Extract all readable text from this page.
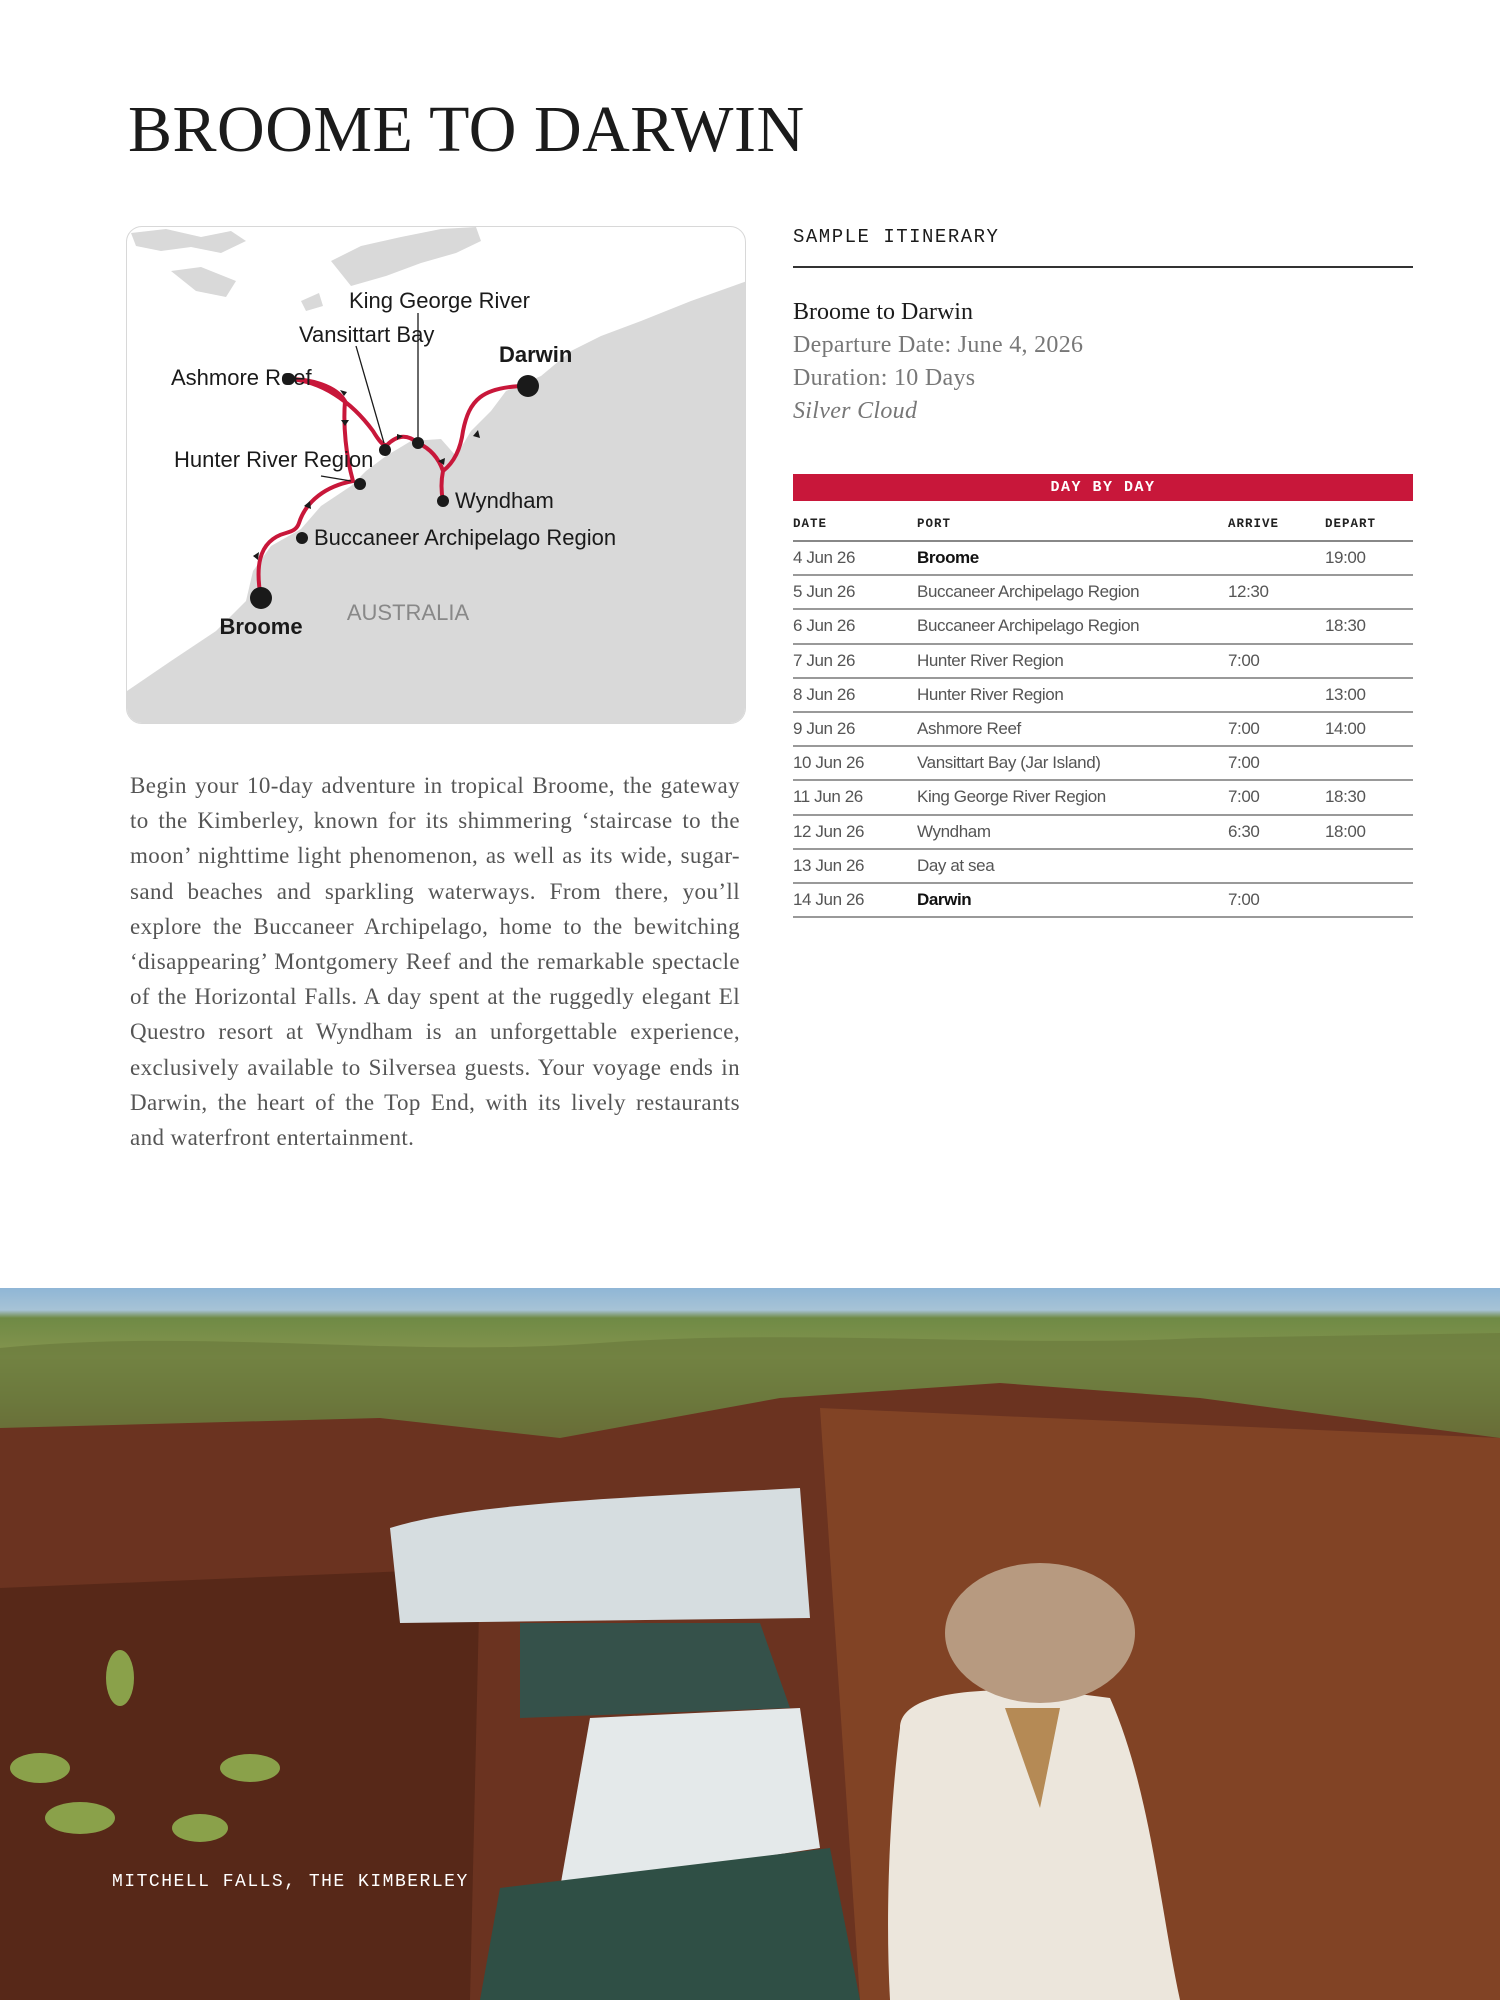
BROOME TO DARWIN
Broome
Buccaneer Archipelago Region
Hunter River Region
Ashmore Reef
Vansittart Bay
King George River
Wyndham
Darwin
AUSTRALIA

Begin your 10-day adventure in tropical Broome, the gateway to the Kimberley, known for its shimmering ‘staircase to the moon’ nighttime light phenomenon, as well as its wide, sugar-sand beaches and sparkling waterways. From there, you’ll explore the Buccaneer Archipelago, home to the bewitching ‘disappearing’ Montgomery Reef and the remarkable spectacle of the Horizontal Falls. A day spent at the ruggedly elegant El Questro resort at Wyndham is an unforgettable experience, exclusively available to Silversea guests. Your voyage ends in Darwin, the heart of the Top End, with its lively restaurants and waterfront entertainment.

SAMPLE ITINERARY
Broome to Darwin
Departure Date: June 4, 2026
Duration: 10 Days
Silver Cloud
DAY BY DAY
DATE	PORT	ARRIVE	DEPART
4 Jun 26	Broome		19:00
5 Jun 26	Buccaneer Archipelago Region	12:30	
6 Jun 26	Buccaneer Archipelago Region		18:30
7 Jun 26	Hunter River Region	7:00	
8 Jun 26	Hunter River Region		13:00
9 Jun 26	Ashmore Reef	7:00	14:00
10 Jun 26	Vansittart Bay (Jar Island)	7:00	
11 Jun 26	King George River Region	7:00	18:30
12 Jun 26	Wyndham	6:30	18:00
13 Jun 26	Day at sea		
14 Jun 26	Darwin	7:00	
MITCHELL FALLS, THE KIMBERLEY
